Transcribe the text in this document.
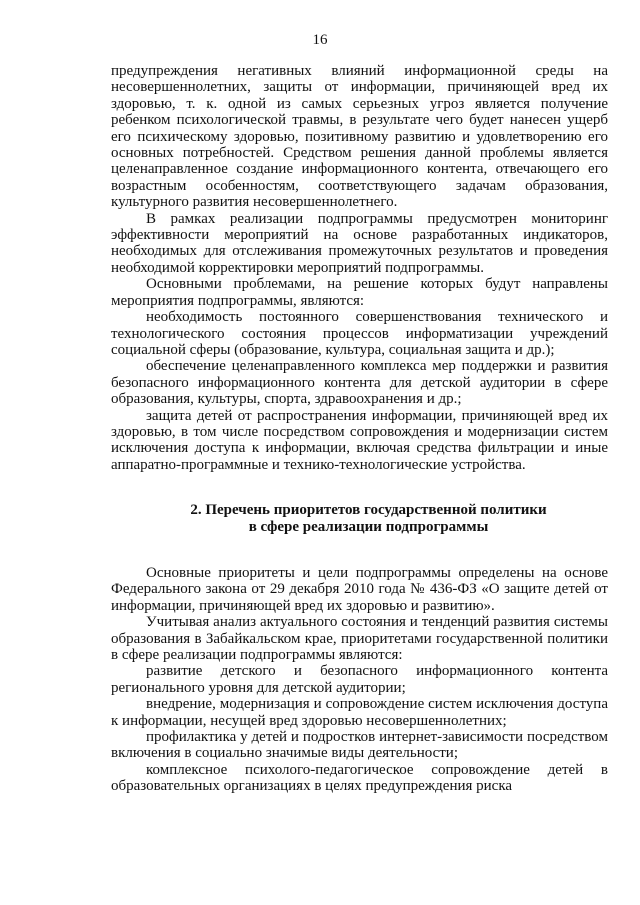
16

предупреждения негативных влияний информационной среды на несовершеннолетних, защиты от информации, причиняющей вред их здоровью, т. к. одной из самых серьезных угроз является получение ребенком психологической травмы, в результате чего будет нанесен ущерб его психическому здоровью, позитивному развитию и удовлетворению его основных потребностей. Средством решения данной проблемы является целенаправленное создание информационного контента, отвечающего его возрастным особенностям, соответствующего задачам образования, культурного развития несовершеннолетнего.

В рамках реализации подпрограммы предусмотрен мониторинг эффективности мероприятий на основе разработанных индикаторов, необходимых для отслеживания промежуточных результатов и проведения необходимой корректировки мероприятий подпрограммы.

Основными проблемами, на решение которых будут направлены мероприятия подпрограммы, являются:

необходимость постоянного совершенствования технического и технологического состояния процессов информатизации учреждений социальной сферы (образование, культура, социальная защита и др.);

обеспечение целенаправленного комплекса мер поддержки и развития безопасного информационного контента для детской аудитории в сфере образования, культуры, спорта, здравоохранения и др.;

защита детей от распространения информации, причиняющей вред их здоровью, в том числе посредством сопровождения и модернизации систем исключения доступа к информации, включая средства фильтрации и иные аппаратно-программные и технико-технологические устройства.

2. Перечень приоритетов государственной политики

в сфере реализации подпрограммы

Основные приоритеты и цели подпрограммы определены на основе Федерального закона от 29 декабря 2010 года № 436-ФЗ «О защите детей от информации, причиняющей вред их здоровью и развитию».

Учитывая анализ актуального состояния и тенденций развития системы образования в Забайкальском крае, приоритетами государственной политики в сфере реализации подпрограммы являются:

развитие детского и безопасного информационного контента регионального уровня для детской аудитории;

внедрение, модернизация и сопровождение систем исключения доступа к информации, несущей вред здоровью несовершеннолетних;

профилактика у детей и подростков интернет-зависимости посредством включения в социально значимые виды деятельности;

комплексное психолого-педагогическое сопровождение детей в образовательных организациях в целях предупреждения риска
